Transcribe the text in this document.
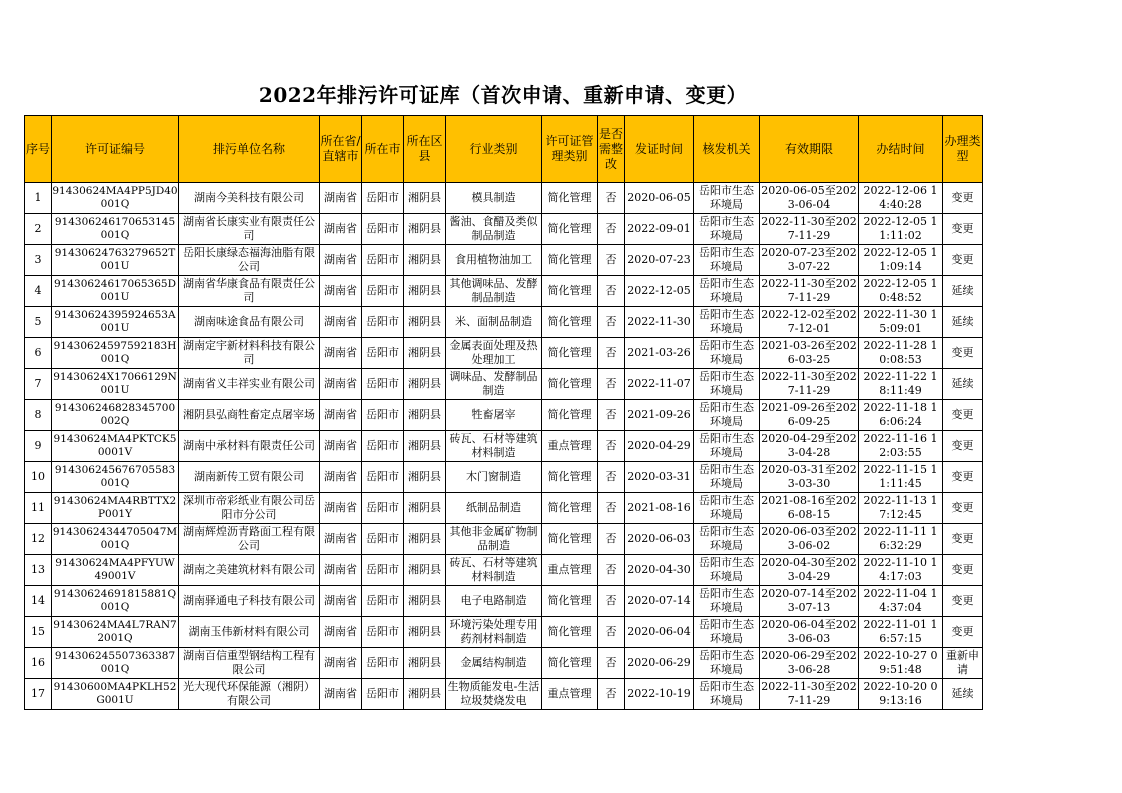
2022年排污许可证库（首次申请、重新申请、变更）
序号	许可证编号	排污单位名称	所在省/直辖市	所在市	所在区县	行业类别	许可证管理类别	是否需整改	发证时间	核发机关	有效期限	办结时间	办理类型
1	91430624MA4PP5JD40001Q	湖南今美科技有限公司	湖南省	岳阳市	湘阴县	模具制造	简化管理	否	2020-06-05	岳阳市生态环境局	2020-06-05至2023-06-04	2022-12-06 14:40:28	变更
2	914306246170653145001Q	湖南省长康实业有限责任公司	湖南省	岳阳市	湘阴县	酱油、食醋及类似制品制造	简化管理	否	2022-09-01	岳阳市生态环境局	2022-11-30至2027-11-29	2022-12-05 11:11:02	变更
3	91430624763279652T001U	岳阳长康绿态福海油脂有限公司	湖南省	岳阳市	湘阴县	食用植物油加工	简化管理	否	2020-07-23	岳阳市生态环境局	2020-07-23至2023-07-22	2022-12-05 11:09:14	变更
4	91430624617065365D001U	湖南省华康食品有限责任公司	湖南省	岳阳市	湘阴县	其他调味品、发酵制品制造	简化管理	否	2022-12-05	岳阳市生态环境局	2022-11-30至2027-11-29	2022-12-05 10:48:52	延续
5	91430624395924653A001U	湖南味途食品有限公司	湖南省	岳阳市	湘阴县	米、面制品制造	简化管理	否	2022-11-30	岳阳市生态环境局	2022-12-02至2027-12-01	2022-11-30 15:09:01	延续
6	91430624597592183H001Q	湖南定宇新材料科技有限公司	湖南省	岳阳市	湘阴县	金属表面处理及热处理加工	简化管理	否	2021-03-26	岳阳市生态环境局	2021-03-26至2026-03-25	2022-11-28 10:08:53	变更
7	91430624X17066129N001U	湖南省义丰祥实业有限公司	湖南省	岳阳市	湘阴县	调味品、发酵制品制造	简化管理	否	2022-11-07	岳阳市生态环境局	2022-11-30至2027-11-29	2022-11-22 18:11:49	延续
8	914306246828345700002Q	湘阴县弘商牲畜定点屠宰场	湖南省	岳阳市	湘阴县	牲畜屠宰	简化管理	否	2021-09-26	岳阳市生态环境局	2021-09-26至2026-09-25	2022-11-18 16:06:24	变更
9	91430624MA4PKTCK50001V	湖南中承材料有限责任公司	湖南省	岳阳市	湘阴县	砖瓦、石材等建筑材料制造	重点管理	否	2020-04-29	岳阳市生态环境局	2020-04-29至2023-04-28	2022-11-16 12:03:55	变更
10	914306245676705583001Q	湖南新传工贸有限公司	湖南省	岳阳市	湘阴县	木门窗制造	简化管理	否	2020-03-31	岳阳市生态环境局	2020-03-31至2023-03-30	2022-11-15 11:11:45	变更
11	91430624MA4RBTTX2P001Y	深圳市帝彩纸业有限公司岳阳市分公司	湖南省	岳阳市	湘阴县	纸制品制造	简化管理	否	2021-08-16	岳阳市生态环境局	2021-08-16至2026-08-15	2022-11-13 17:12:45	变更
12	91430624344705047M001Q	湖南辉煌沥青路面工程有限公司	湖南省	岳阳市	湘阴县	其他非金属矿物制品制造	简化管理	否	2020-06-03	岳阳市生态环境局	2020-06-03至2023-06-02	2022-11-11 16:32:29	变更
13	91430624MA4PFYUW49001V	湖南之美建筑材料有限公司	湖南省	岳阳市	湘阴县	砖瓦、石材等建筑材料制造	重点管理	否	2020-04-30	岳阳市生态环境局	2020-04-30至2023-04-29	2022-11-10 14:17:03	变更
14	91430624691815881Q001Q	湖南驿通电子科技有限公司	湖南省	岳阳市	湘阴县	电子电路制造	简化管理	否	2020-07-14	岳阳市生态环境局	2020-07-14至2023-07-13	2022-11-04 14:37:04	变更
15	91430624MA4L7RAN72001Q	湖南玉伟新材料有限公司	湖南省	岳阳市	湘阴县	环境污染处理专用药剂材料制造	简化管理	否	2020-06-04	岳阳市生态环境局	2020-06-04至2023-06-03	2022-11-01 16:57:15	变更
16	914306245507363387001Q	湖南百信重型钢结构工程有限公司	湖南省	岳阳市	湘阴县	金属结构制造	简化管理	否	2020-06-29	岳阳市生态环境局	2020-06-29至2023-06-28	2022-10-27 09:51:48	重新申请
17	91430600MA4PKLH52G001U	光大现代环保能源（湘阴）有限公司	湖南省	岳阳市	湘阴县	生物质能发电-生活垃圾焚烧发电	重点管理	否	2022-10-19	岳阳市生态环境局	2022-11-30至2027-11-29	2022-10-20 09:13:16	延续
